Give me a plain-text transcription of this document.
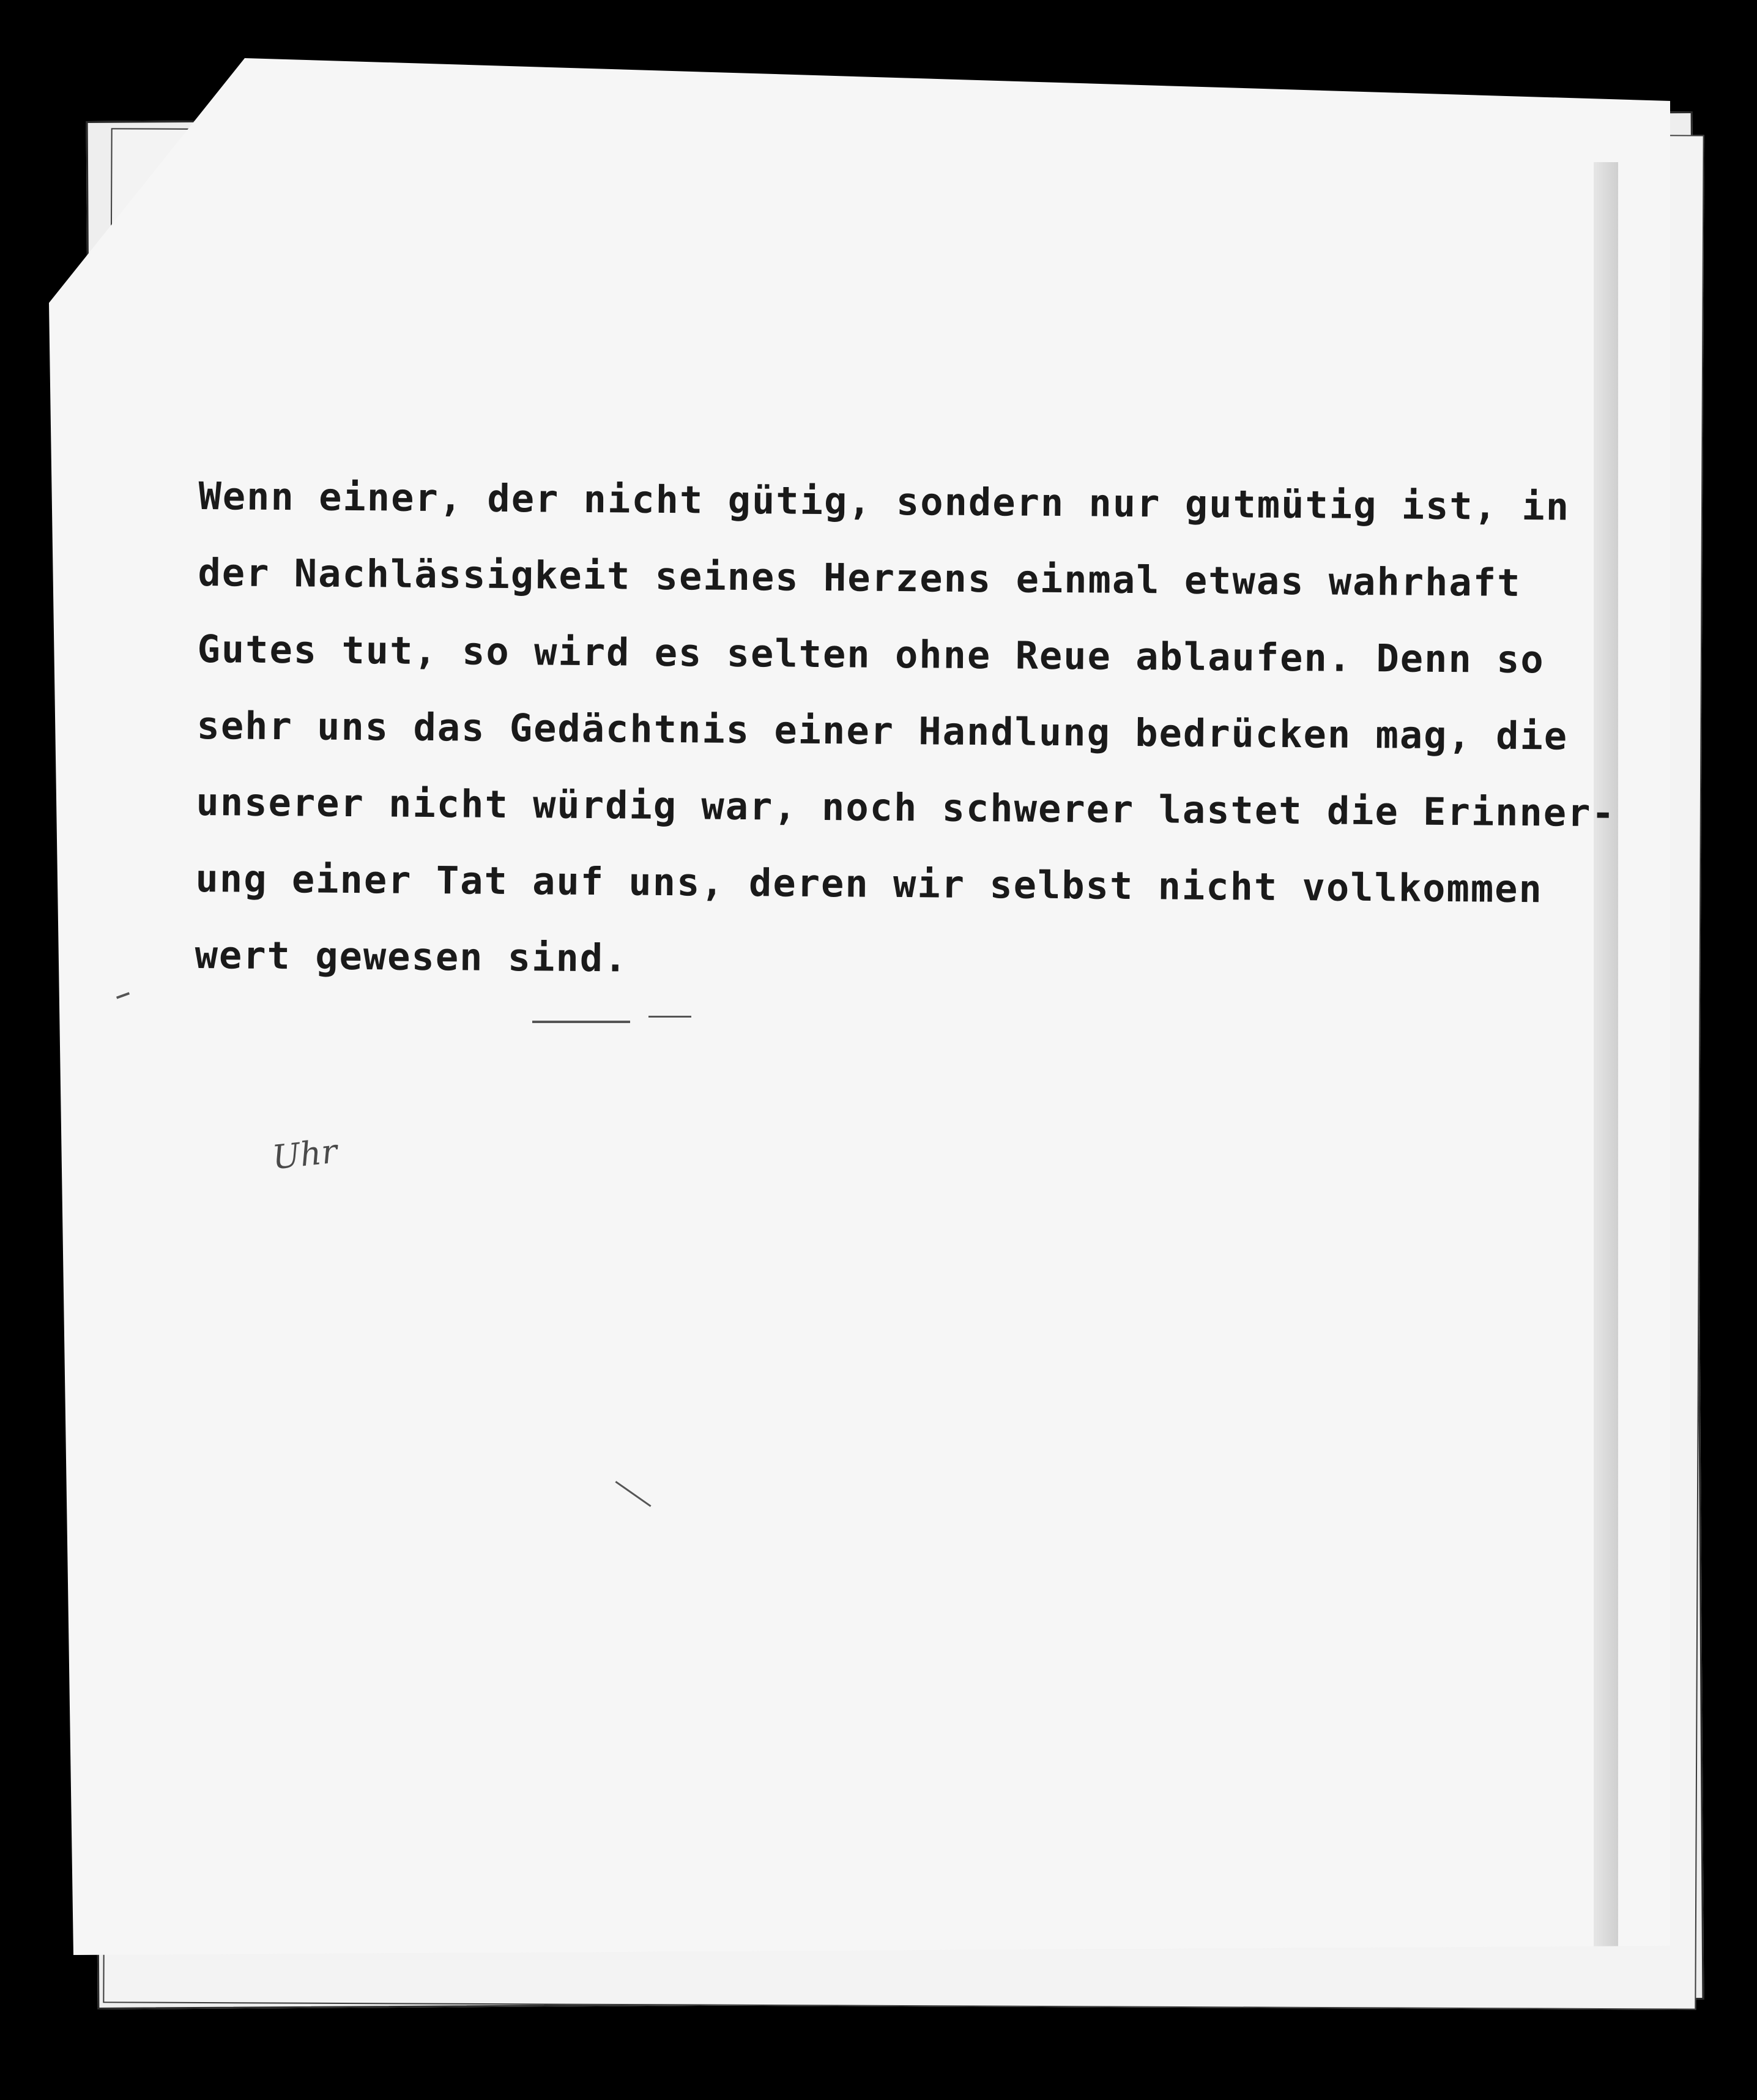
Wenn einer, der nicht gütig, sondern nur gutmütig ist, in
der Nachlässigkeit seines Herzens einmal etwas wahrhaft
Gutes tut, so wird es selten ohne Reue ablaufen. Denn so
sehr uns das Gedächtnis einer Handlung bedrücken mag, die
unserer nicht würdig war, noch schwerer lastet die Erinner-
ung einer Tat auf uns, deren wir selbst nicht vollkommen
wert gewesen sind.
Uhr
